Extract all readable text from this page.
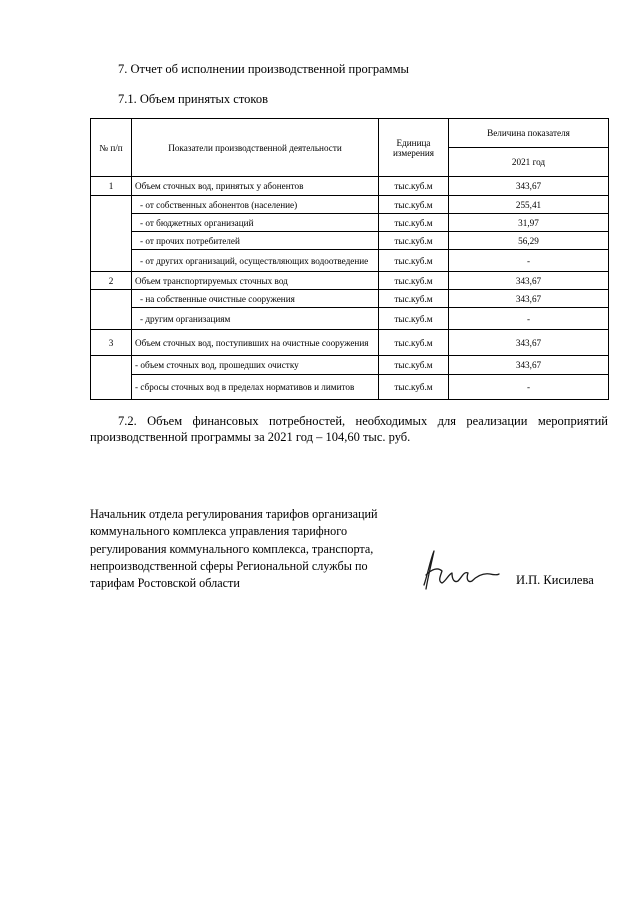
7. Отчет об исполнении производственной программы
7.1. Объем принятых стоков
№ п/п	Показатели производственной деятельности	Единица измерения	Величина показателя
			2021 год
1	Объем сточных вод, принятых у абонентов	тыс.куб.м	343,67
	- от собственных абонентов (население)	тыс.куб.м	255,41
	- от бюджетных организаций	тыс.куб.м	31,97
	- от прочих потребителей	тыс.куб.м	56,29
	- от других организаций, осуществляющих водоотведение	тыс.куб.м	-
2	Объем транспортируемых сточных вод	тыс.куб.м	343,67
	- на собственные очистные сооружения	тыс.куб.м	343,67
	- другим организациям	тыс.куб.м	-
3	Объем сточных вод, поступивших на очистные сооружения	тыс.куб.м	343,67
	- объем сточных вод, прошедших очистку	тыс.куб.м	343,67
	- сбросы сточных вод в пределах нормативов и лимитов	тыс.куб.м	-
7.2. Объем финансовых потребностей, необходимых для реализации мероприятий производственной программы за 2021 год – 104,60 тыс. руб.
Начальник отдела регулирования тарифов организаций коммунального комплекса управления тарифного регулирования коммунального комплекса, транспорта, непроизводственной сферы Региональной службы по тарифам Ростовской области	И.П. Кисилева
